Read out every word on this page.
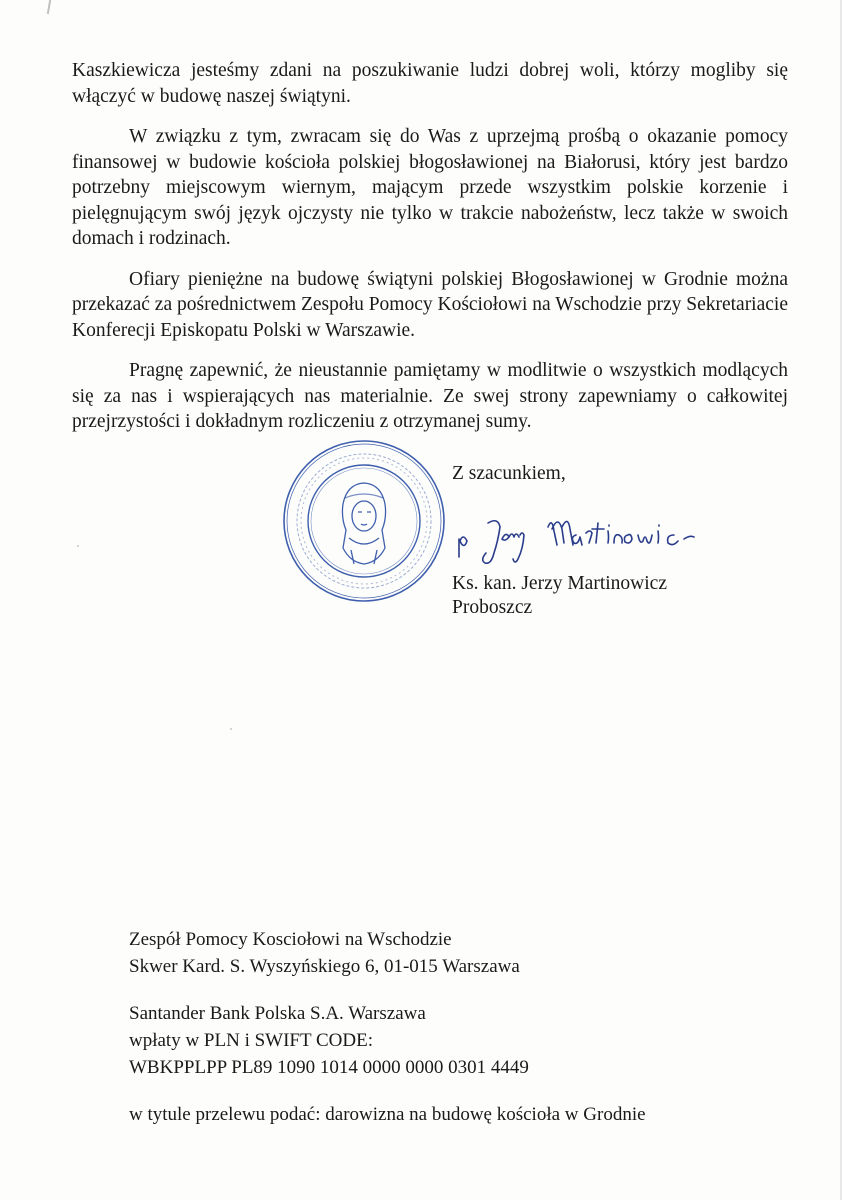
Kaszkiewicza jesteśmy zdani na poszukiwanie ludzi dobrej woli, którzy mogliby się włączyć w budowę naszej świątyni.

W związku z tym, zwracam się do Was z uprzejmą prośbą o okazanie pomocy finansowej w budowie kościoła polskiej błogosławionej na Białorusi, który jest bardzo potrzebny miejscowym wiernym, mającym przede wszystkim polskie korzenie i pielęgnującym swój język ojczysty nie tylko w trakcie nabożeństw, lecz także w swoich domach i rodzinach.

Ofiary pieniężne na budowę świątyni polskiej Błogosławionej w Grodnie można przekazać za pośrednictwem Zespołu Pomocy Kościołowi na Wschodzie przy Sekretariacie Konferecji Episkopatu Polski w Warszawie.

Pragnę zapewnić, że nieustannie pamiętamy w modlitwie o wszystkich modlących się za nas i wspierających nas materialnie. Ze swej strony zapewniamy o całkowitej przejrzystości i dokładnym rozliczeniu z otrzymanej sumy.

Z szacunkiem,
Ks. kan. Jerzy Martinowicz
Proboszcz
Zespół Pomocy Kosciołowi na Wschodzie
Skwer Kard. S. Wyszyńskiego 6, 01-015 Warszawa
Santander Bank Polska S.A. Warszawa
wpłaty w PLN i SWIFT CODE:
WBKPPLPP PL89 1090 1014 0000 0000 0301 4449
w tytule przelewu podać: darowizna na budowę kościoła w Grodnie
